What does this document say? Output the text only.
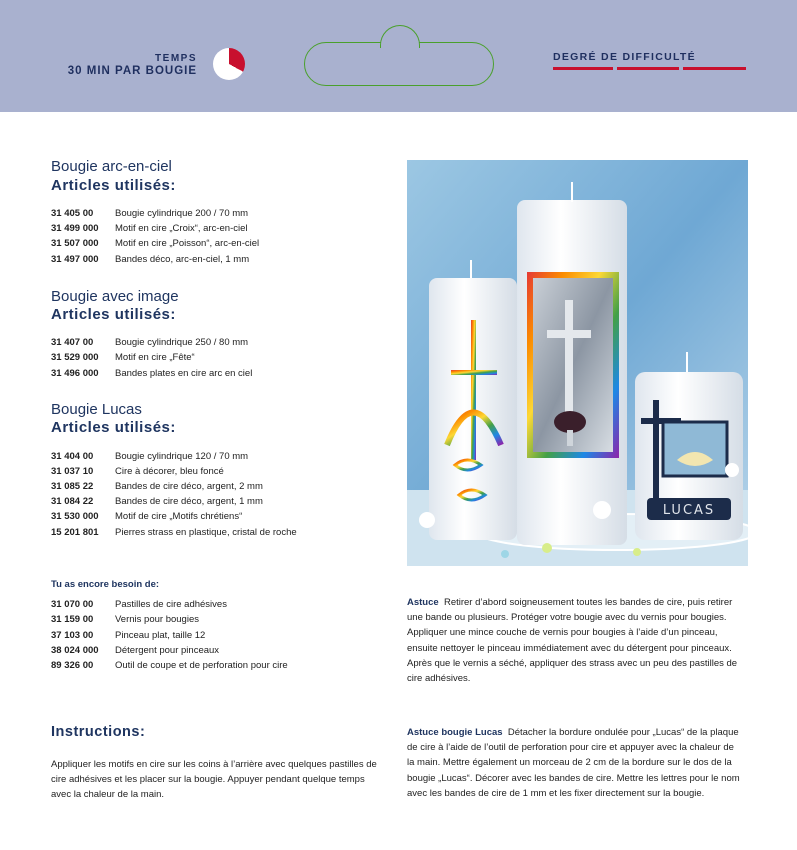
TEMPS
30 MIN PAR BOUGIE
DEGRÉ DE DIFFICULTÉ
Bougie arc-en-ciel
Articles utilisés:
31 405 00 Bougie cylindrique 200 / 70 mm
31 499 000 Motif en cire „Croix“, arc-en-ciel
31 507 000 Motif en cire „Poisson“, arc-en-ciel
31 497 000 Bandes déco, arc-en-ciel, 1 mm
Bougie avec image
Articles utilisés:
31 407 00 Bougie cylindrique 250 / 80 mm
31 529 000 Motif en cire „Fête“
31 496 000 Bandes plates en cire arc en ciel
Bougie Lucas
Articles utilisés:
31 404 00 Bougie cylindrique 120 / 70 mm
31 037 10 Cire à décorer, bleu foncé
31 085 22 Bandes de cire déco, argent, 2 mm
31 084 22 Bandes de cire déco, argent, 1 mm
31 530 000 Motif de cire „Motifs chrétiens“
15 201 801 Pierres strass en plastique, cristal de roche
Tu as encore besoin de:
31 070 00 Pastilles de cire adhésives
31 159 00 Vernis pour bougies
37 103 00 Pinceau plat, taille 12
38 024 000 Détergent pour pinceaux
89 326 00 Outil de coupe et de perforation pour cire
Instructions:
Appliquer les motifs en cire sur les coins à l’arrière avec quelques pastilles de cire adhésives et les placer sur la bougie. Appuyer pendant quelque temps avec la chaleur de la main.
Astuce Retirer d’abord soigneusement toutes les bandes de cire, puis retirer une bande ou plusieurs. Protéger votre bougie avec du vernis pour bougies. Appliquer une mince couche de vernis pour bougies à l’aide d’un pinceau, ensuite nettoyer le pinceau immédiatement avec du détergent pour pinceaux. Après que le vernis a séché, appliquer des strass avec un peu des pastilles de cire adhésives.
Astuce bougie Lucas Détacher la bordure ondulée pour „Lucas“ de la plaque de cire à l’aide de l’outil de perforation pour cire et appuyer avec la chaleur de la main. Mettre également un morceau de 2 cm de la bordure sur le dos de la bougie „Lucas“. Décorer avec les bandes de cire. Mettre les lettres pour le nom avec les bandes de cire de 1 mm et les fixer directement sur la bougie.
LUCAS
